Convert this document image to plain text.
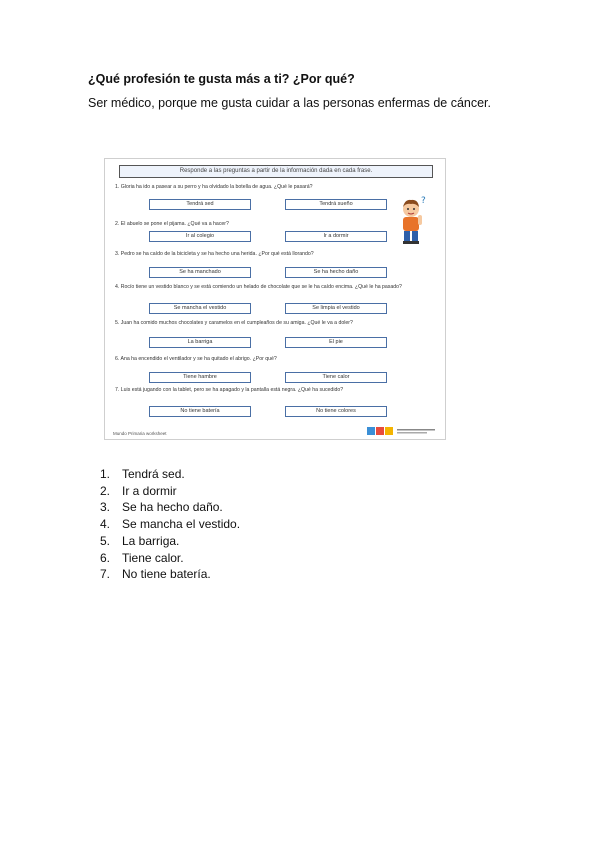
¿Qué profesión te gusta más a ti? ¿Por qué?
Ser médico, porque me gusta cuidar a las personas enfermas de cáncer.
Responde a las preguntas a partir de la información dada en cada frase.
1. Gloria ha ido a pasear a su perro y ha olvidado la botella de agua. ¿Qué le pasará?
Tendrá sed	Tendrá sueño
2. El abuelo se pone el pijama. ¿Qué va a hacer?
Ir al colegio	Ir a dormir
3. Pedro se ha caído de la bicicleta y se ha hecho una herida. ¿Por qué está llorando?
Se ha manchado	Se ha hecho daño
4. Rocío tiene un vestido blanco y se está comiendo un helado de chocolate que se le ha caído encima. ¿Qué le ha pasado?
Se mancha el vestido	Se limpia el vestido
5. Juan ha comido muchos chocolates y caramelos en el cumpleaños de su amiga. ¿Qué le va a doler?
La barriga	El pie
6. Ana ha encendido el ventilador y se ha quitado el abrigo. ¿Por qué?
Tiene hambre	Tiene calor
7. Luis está jugando con la tablet, pero se ha apagado y la pantalla está negra. ¿Qué ha sucedido?
No tiene batería	No tiene colores
?
Mundo Primaria worksheet
1. Tendrá sed.
2. Ir a dormir
3. Se ha hecho daño.
4. Se mancha el vestido.
5. La barriga.
6. Tiene calor.
7. No tiene batería.
